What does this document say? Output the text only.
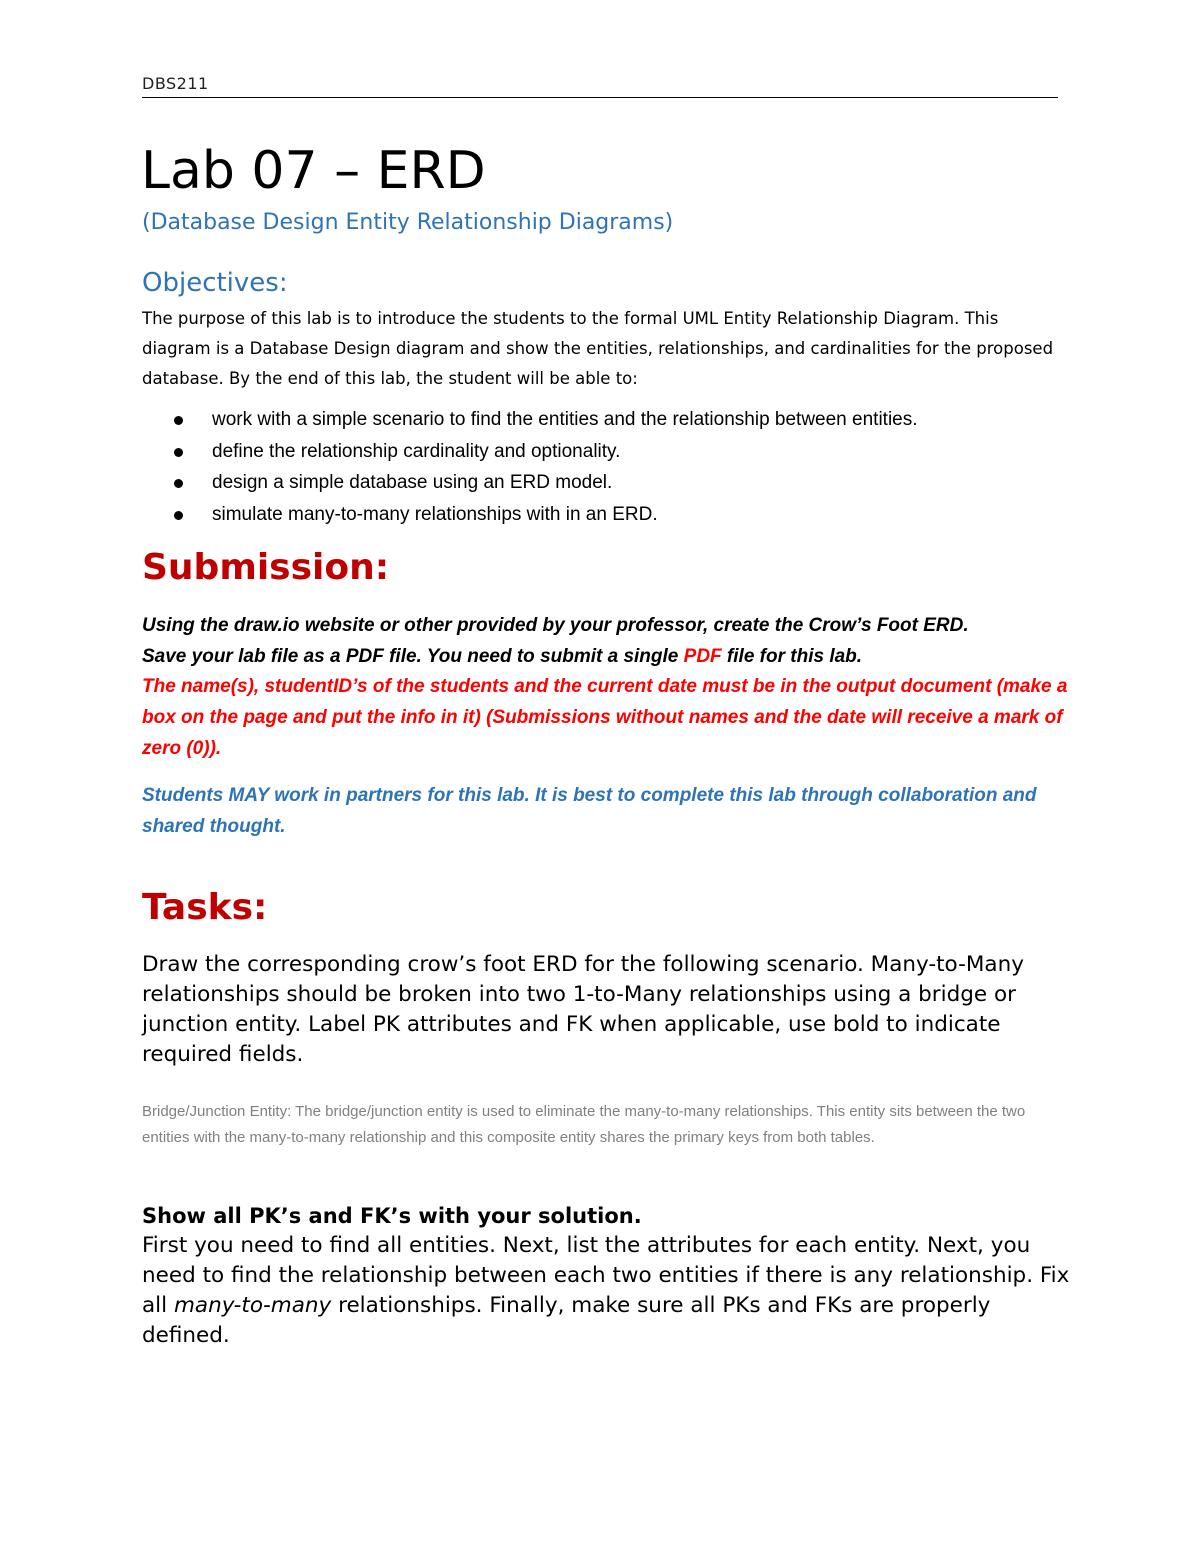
DBS211
Lab 07 – ERD
(Database Design Entity Relationship Diagrams)
Objectives:

The purpose of this lab is to introduce the students to the formal UML Entity Relationship Diagram. This diagram is a Database Design diagram and show the entities, relationships, and cardinalities for the proposed database. By the end of this lab, the student will be able to:

work with a simple scenario to find the entities and the relationship between entities.
define the relationship cardinality and optionality.
design a simple database using an ERD model.
simulate many-to-many relationships with in an ERD.
Submission:

Using the draw.io website or other provided by your professor, create the Crow’s Foot ERD.
Save your lab file as a PDF file. You need to submit a single PDF file for this lab.

The name(s), studentID’s of the students and the current date must be in the output document (make a box on the page and put the info in it) (Submissions without names and the date will receive a mark of zero (0)).

Students MAY work in partners for this lab. It is best to complete this lab through collaboration and shared thought.

Tasks:

Draw the corresponding crow’s foot ERD for the following scenario. Many-to-Many relationships should be broken into two 1-to-Many relationships using a bridge or junction entity. Label PK attributes and FK when applicable, use bold to indicate required fields.

Bridge/Junction Entity: The bridge/junction entity is used to eliminate the many-to-many relationships. This entity sits between the two entities with the many-to-many relationship and this composite entity shares the primary keys from both tables.

Show all PK’s and FK’s with your solution.

First you need to find all entities. Next, list the attributes for each entity. Next, you need to find the relationship between each two entities if there is any relationship. Fix all many-to-many relationships. Finally, make sure all PKs and FKs are properly defined.
